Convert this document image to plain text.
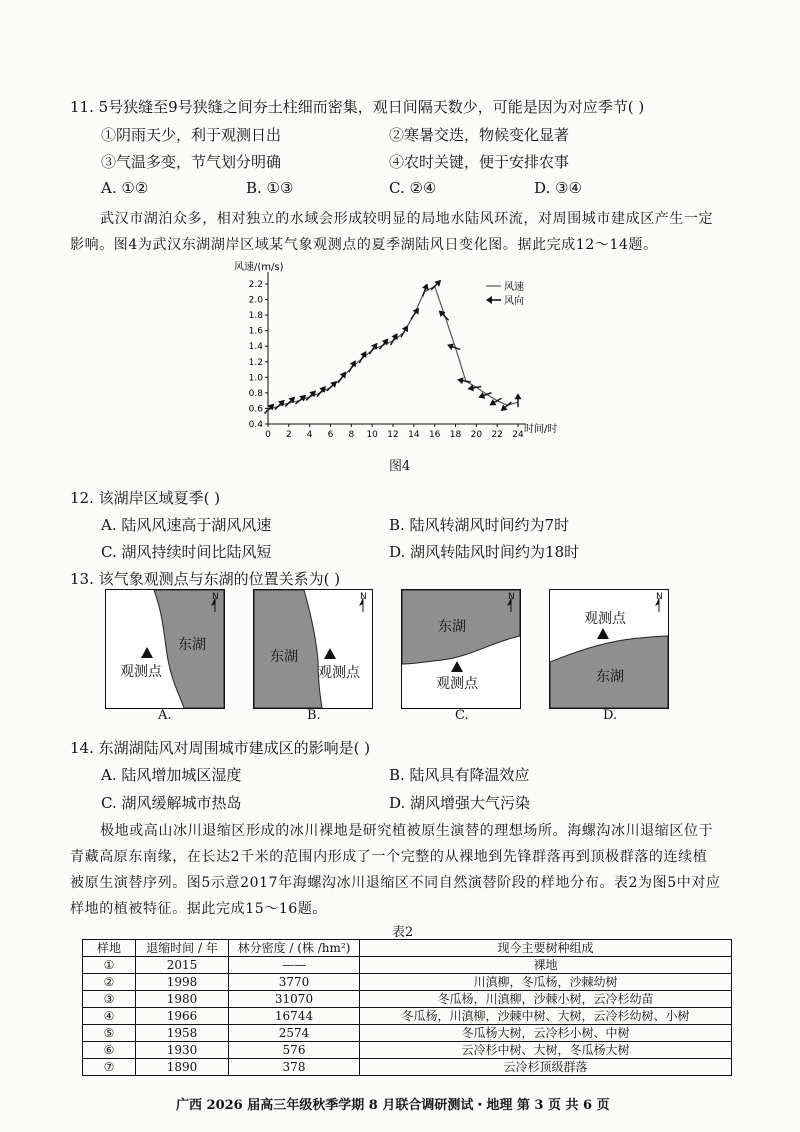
11. 5号狭缝至9号狭缝之间夯土柱细而密集，观日间隔天数少，可能是因为对应季节( )
①阴雨天少，利于观测日出	②寒暑交迭，物候变化显著
③气温多变，节气划分明确	④农时关键，便于安排农事
A. ①②	B. ①③	C. ②④	D. ③④
武汉市湖泊众多，相对独立的水域会形成较明显的局地水陆风环流，对周围城市建成区产生一定
影响。图4为武汉东湖湖岸区域某气象观测点的夏季湖陆风日变化图。据此完成12～14题。
0.4
0.6
0.8
1.0
1.2
1.4
1.6
1.8
2.0
2.2
0 2 4 6 8 10 12 14 16 18 20 22 24
风速/(m/s)
时间/时
风速
风向
图4
12. 该湖岸区域夏季( )
A. 陆风风速高于湖风风速	B. 陆风转湖风时间约为7时
C. 湖风持续时间比陆风短	D. 湖风转陆风时间约为18时
13. 该气象观测点与东湖的位置关系为( )
N
东湖
观测点
A.
N
东湖
观测点
B.
N
东湖
观测点
C.
N
观测点
东湖
D.
14. 东湖湖陆风对周围城市建成区的影响是( )
A. 陆风增加城区湿度	B. 陆风具有降温效应
C. 湖风缓解城市热岛	D. 湖风增强大气污染
极地或高山冰川退缩区形成的冰川裸地是研究植被原生演替的理想场所。海螺沟冰川退缩区位于
青藏高原东南缘，在长达2千米的范围内形成了一个完整的从裸地到先锋群落再到顶极群落的连续植
被原生演替序列。图5示意2017年海螺沟冰川退缩区不同自然演替阶段的样地分布。表2为图5中对应
样地的植被特征。据此完成15～16题。
表2
样地	退缩时间 / 年	林分密度 / (株 /hm²)	现今主要树种组成
①	2015	——	裸地
②	1998	3770	川滇柳，冬瓜杨，沙棘幼树
③	1980	31070	冬瓜杨，川滇柳，沙棘小树，云冷杉幼苗
④	1966	16744	冬瓜杨，川滇柳，沙棘中树、大树，云冷杉幼树、小树
⑤	1958	2574	冬瓜杨大树，云冷杉小树、中树
⑥	1930	576	云冷杉中树、大树，冬瓜杨大树
⑦	1890	378	云冷杉顶级群落
广西 2026 届高三年级秋季学期 8 月联合调研测试・地理 第 3 页 共 6 页
